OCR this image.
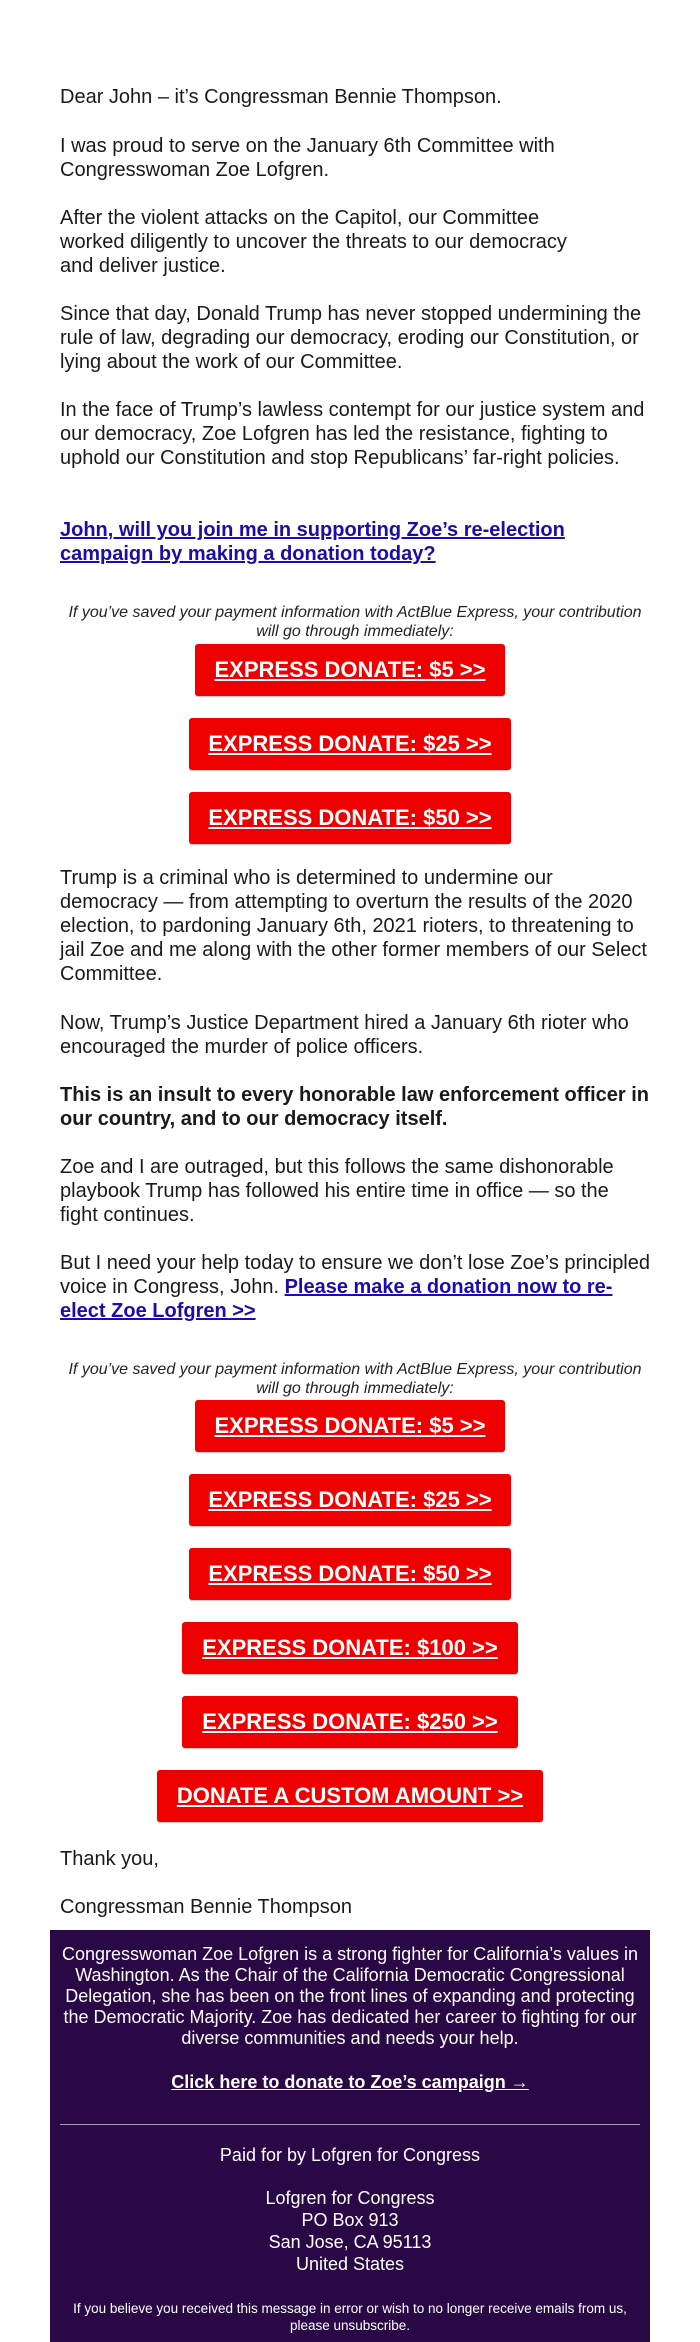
Dear John – it’s Congressman Bennie Thompson.

I was proud to serve on the January 6th Committee with Congresswoman Zoe Lofgren.

After the violent attacks on the Capitol, our Committee worked diligently to uncover the threats to our democracy and deliver justice.

Since that day, Donald Trump has never stopped undermining the rule of law, degrading our democracy, eroding our Constitution, or lying about the work of our Committee.

In the face of Trump’s lawless contempt for our justice system and our democracy, Zoe Lofgren has led the resistance, fighting to uphold our Constitution and stop Republicans’ far-right policies.

John, will you join me in supporting Zoe’s re-election campaign by making a donation today?

If you’ve saved your payment information with ActBlue Express, your contribution will go through immediately:

Trump is a criminal who is determined to undermine our democracy — from attempting to overturn the results of the 2020 election, to pardoning January 6th, 2021 rioters, to threatening to jail Zoe and me along with the other former members of our Select Committee.

Now, Trump’s Justice Department hired a January 6th rioter who encouraged the murder of police officers.

This is an insult to every honorable law enforcement officer in our country, and to our democracy itself.

Zoe and I are outraged, but this follows the same dishonorable playbook Trump has followed his entire time in office — so the fight continues.

But I need your help today to ensure we don’t lose Zoe’s principled voice in Congress, John. Please make a donation now to re-elect Zoe Lofgren >>

If you’ve saved your payment information with ActBlue Express, your contribution will go through immediately:

Thank you,

Congressman Bennie Thompson

EXPRESS DONATE: $5 >>
EXPRESS DONATE: $25 >>
EXPRESS DONATE: $50 >>
EXPRESS DONATE: $5 >>
EXPRESS DONATE: $25 >>
EXPRESS DONATE: $50 >>
EXPRESS DONATE: $100 >>
EXPRESS DONATE: $250 >>
DONATE A CUSTOM AMOUNT >>

Congresswoman Zoe Lofgren is a strong fighter for California’s values in Washington. As the Chair of the California Democratic Congressional Delegation, she has been on the front lines of expanding and protecting the Democratic Majority. Zoe has dedicated her career to fighting for our diverse communities and needs your help.

Click here to donate to Zoe’s campaign →

Paid for by Lofgren for Congress

Lofgren for Congress

PO Box 913

San Jose, CA 95113

United States

If you believe you received this message in error or wish to no longer receive emails from us, please unsubscribe.
